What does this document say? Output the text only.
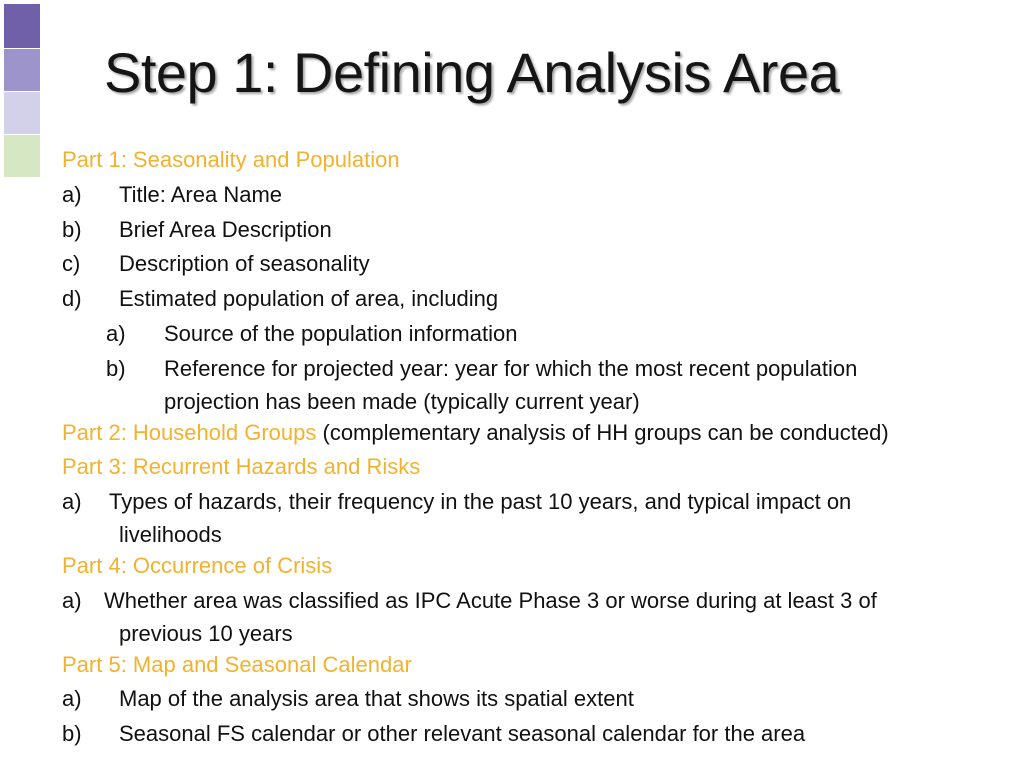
Step 1: Defining Analysis Area
Part 1: Seasonality and Population
a)	Title: Area Name
b)	Brief Area Description
c)	Description of seasonality
d)	Estimated population of area, including
a)	Source of the population information
b)	Reference for projected year: year for which the most recent population
projection has been made (typically current year)
Part 2: Household Groups (complementary analysis of HH groups can be conducted)
Part 3: Recurrent Hazards and Risks
a)	Types of hazards, their frequency in the past 10 years, and typical impact on
livelihoods
Part 4: Occurrence of Crisis
a)	Whether area was classified as IPC Acute Phase 3 or worse during at least 3 of
previous 10 years
Part 5: Map and Seasonal Calendar
a)	Map of the analysis area that shows its spatial extent
b)	Seasonal FS calendar or other relevant seasonal calendar for the area
